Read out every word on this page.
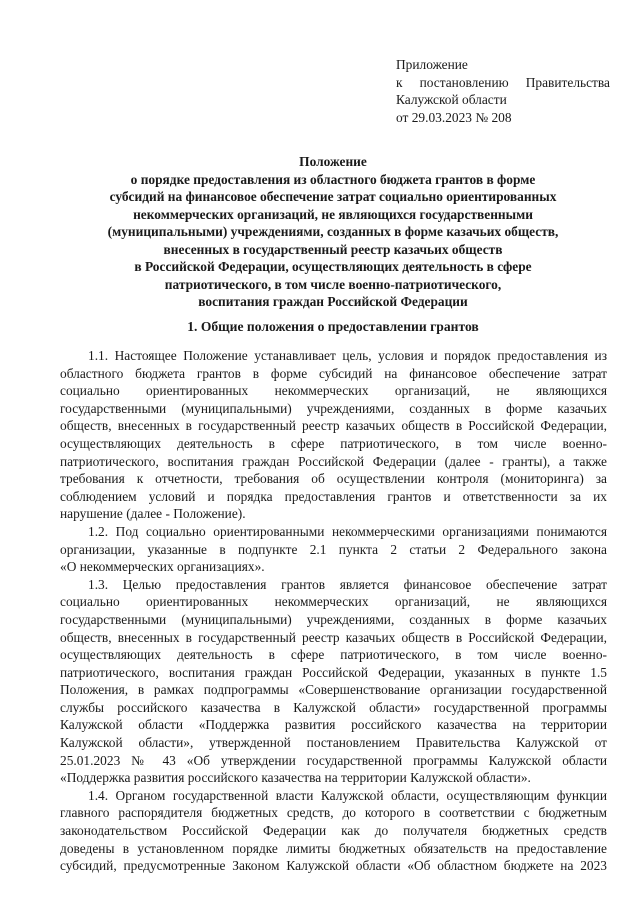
Приложение
к постановлению Правительства
Калужской области
от 29.03.2023 № 208
Положение
о порядке предоставления из областного бюджета грантов в форме
субсидий на финансовое обеспечение затрат социально ориентированных
некоммерческих организаций, не являющихся государственными
(муниципальными) учреждениями, созданных в форме казачьих обществ,
внесенных в государственный реестр казачьих обществ
в Российской Федерации, осуществляющих деятельность в сфере
патриотического, в том числе военно-патриотического,
воспитания граждан Российской Федерации
1. Общие положения о предоставлении грантов
1.1. Настоящее Положение устанавливает цель, условия и порядок предоставления из
областного бюджета грантов в форме субсидий на финансовое обеспечение затрат
социально ориентированных некоммерческих организаций, не являющихся
государственными (муниципальными) учреждениями, созданных в форме казачьих
обществ, внесенных в государственный реестр казачьих обществ в Российской Федерации,
осуществляющих деятельность в сфере патриотического, в том числе военно-
патриотического, воспитания граждан Российской Федерации (далее - гранты), а также
требования к отчетности, требования об осуществлении контроля (мониторинга) за
соблюдением условий и порядка предоставления грантов и ответственности за их
нарушение (далее - Положение).
1.2. Под социально ориентированными некоммерческими организациями понимаются
организации, указанные в подпункте 2.1 пункта 2 статьи 2 Федерального закона
«О некоммерческих организациях».
1.3. Целью предоставления грантов является финансовое обеспечение затрат
социально ориентированных некоммерческих организаций, не являющихся
государственными (муниципальными) учреждениями, созданных в форме казачьих
обществ, внесенных в государственный реестр казачьих обществ в Российской Федерации,
осуществляющих деятельность в сфере патриотического, в том числе военно-
патриотического, воспитания граждан Российской Федерации, указанных в пункте 1.5
Положения, в рамках подпрограммы «Совершенствование организации государственной
службы российского казачества в Калужской области» государственной программы
Калужской области «Поддержка развития российского казачества на территории
Калужской области», утвержденной постановлением Правительства Калужской от
25.01.2023 № 43 «Об утверждении государственной программы Калужской области
«Поддержка развития российского казачества на территории Калужской области».
1.4. Органом государственной власти Калужской области, осуществляющим функции
главного распорядителя бюджетных средств, до которого в соответствии с бюджетным
законодательством Российской Федерации как до получателя бюджетных средств
доведены в установленном порядке лимиты бюджетных обязательств на предоставление
субсидий, предусмотренные Законом Калужской области «Об областном бюджете на 2023
